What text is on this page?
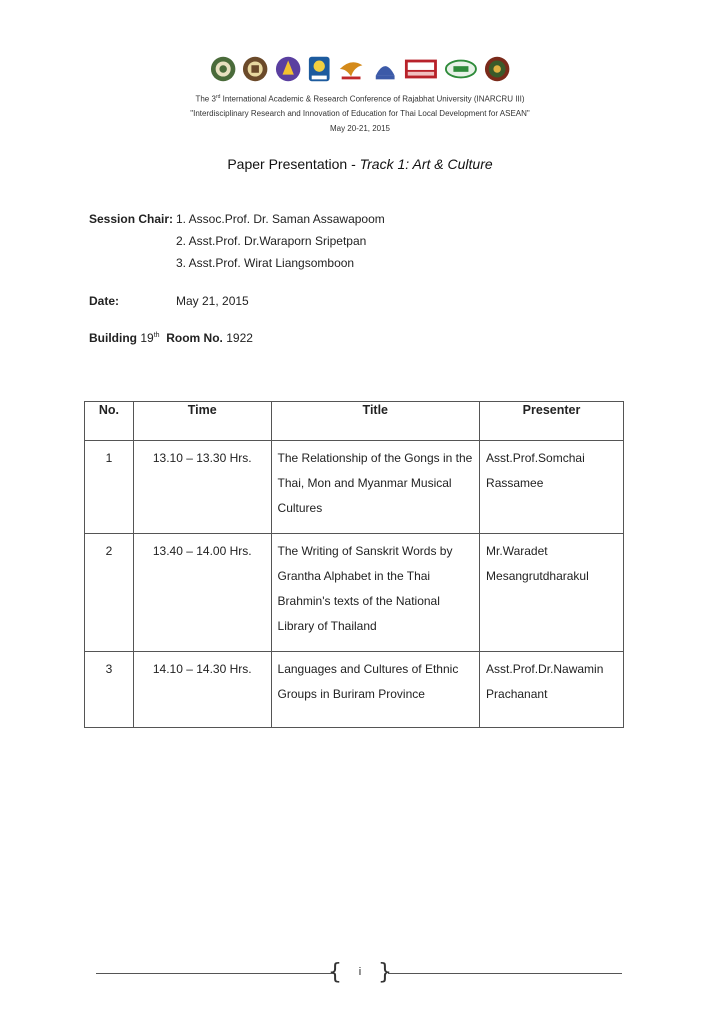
The 3rd International Academic & Research Conference of Rajabhat University (INARCRU III)
"Interdisciplinary Research and Innovation of Education for Thai Local Development for ASEAN"
May 20-21, 2015
Paper Presentation - Track 1: Art & Culture
Session Chair: 1. Assoc.Prof. Dr. Saman Assawapoom
2. Asst.Prof. Dr.Waraporn Sripetpan
3. Asst.Prof. Wirat Liangsomboon
Date:	May 21, 2015
Building 19th Room No. 1922
No.	Time	Title	Presenter
1	13.10 – 13.30 Hrs.	The Relationship of the Gongs in the Thai, Mon and Myanmar Musical Cultures	Asst.Prof.Somchai Rassamee
2	13.40 – 14.00 Hrs.	The Writing of Sanskrit Words by Grantha Alphabet in the Thai Brahmin's texts of the National Library of Thailand	Mr.Waradet Mesangrutdharakul
3	14.10 – 14.30 Hrs.	Languages and Cultures of Ethnic Groups in Buriram Province	Asst.Prof.Dr.Nawamin Prachanant
{ }
i
